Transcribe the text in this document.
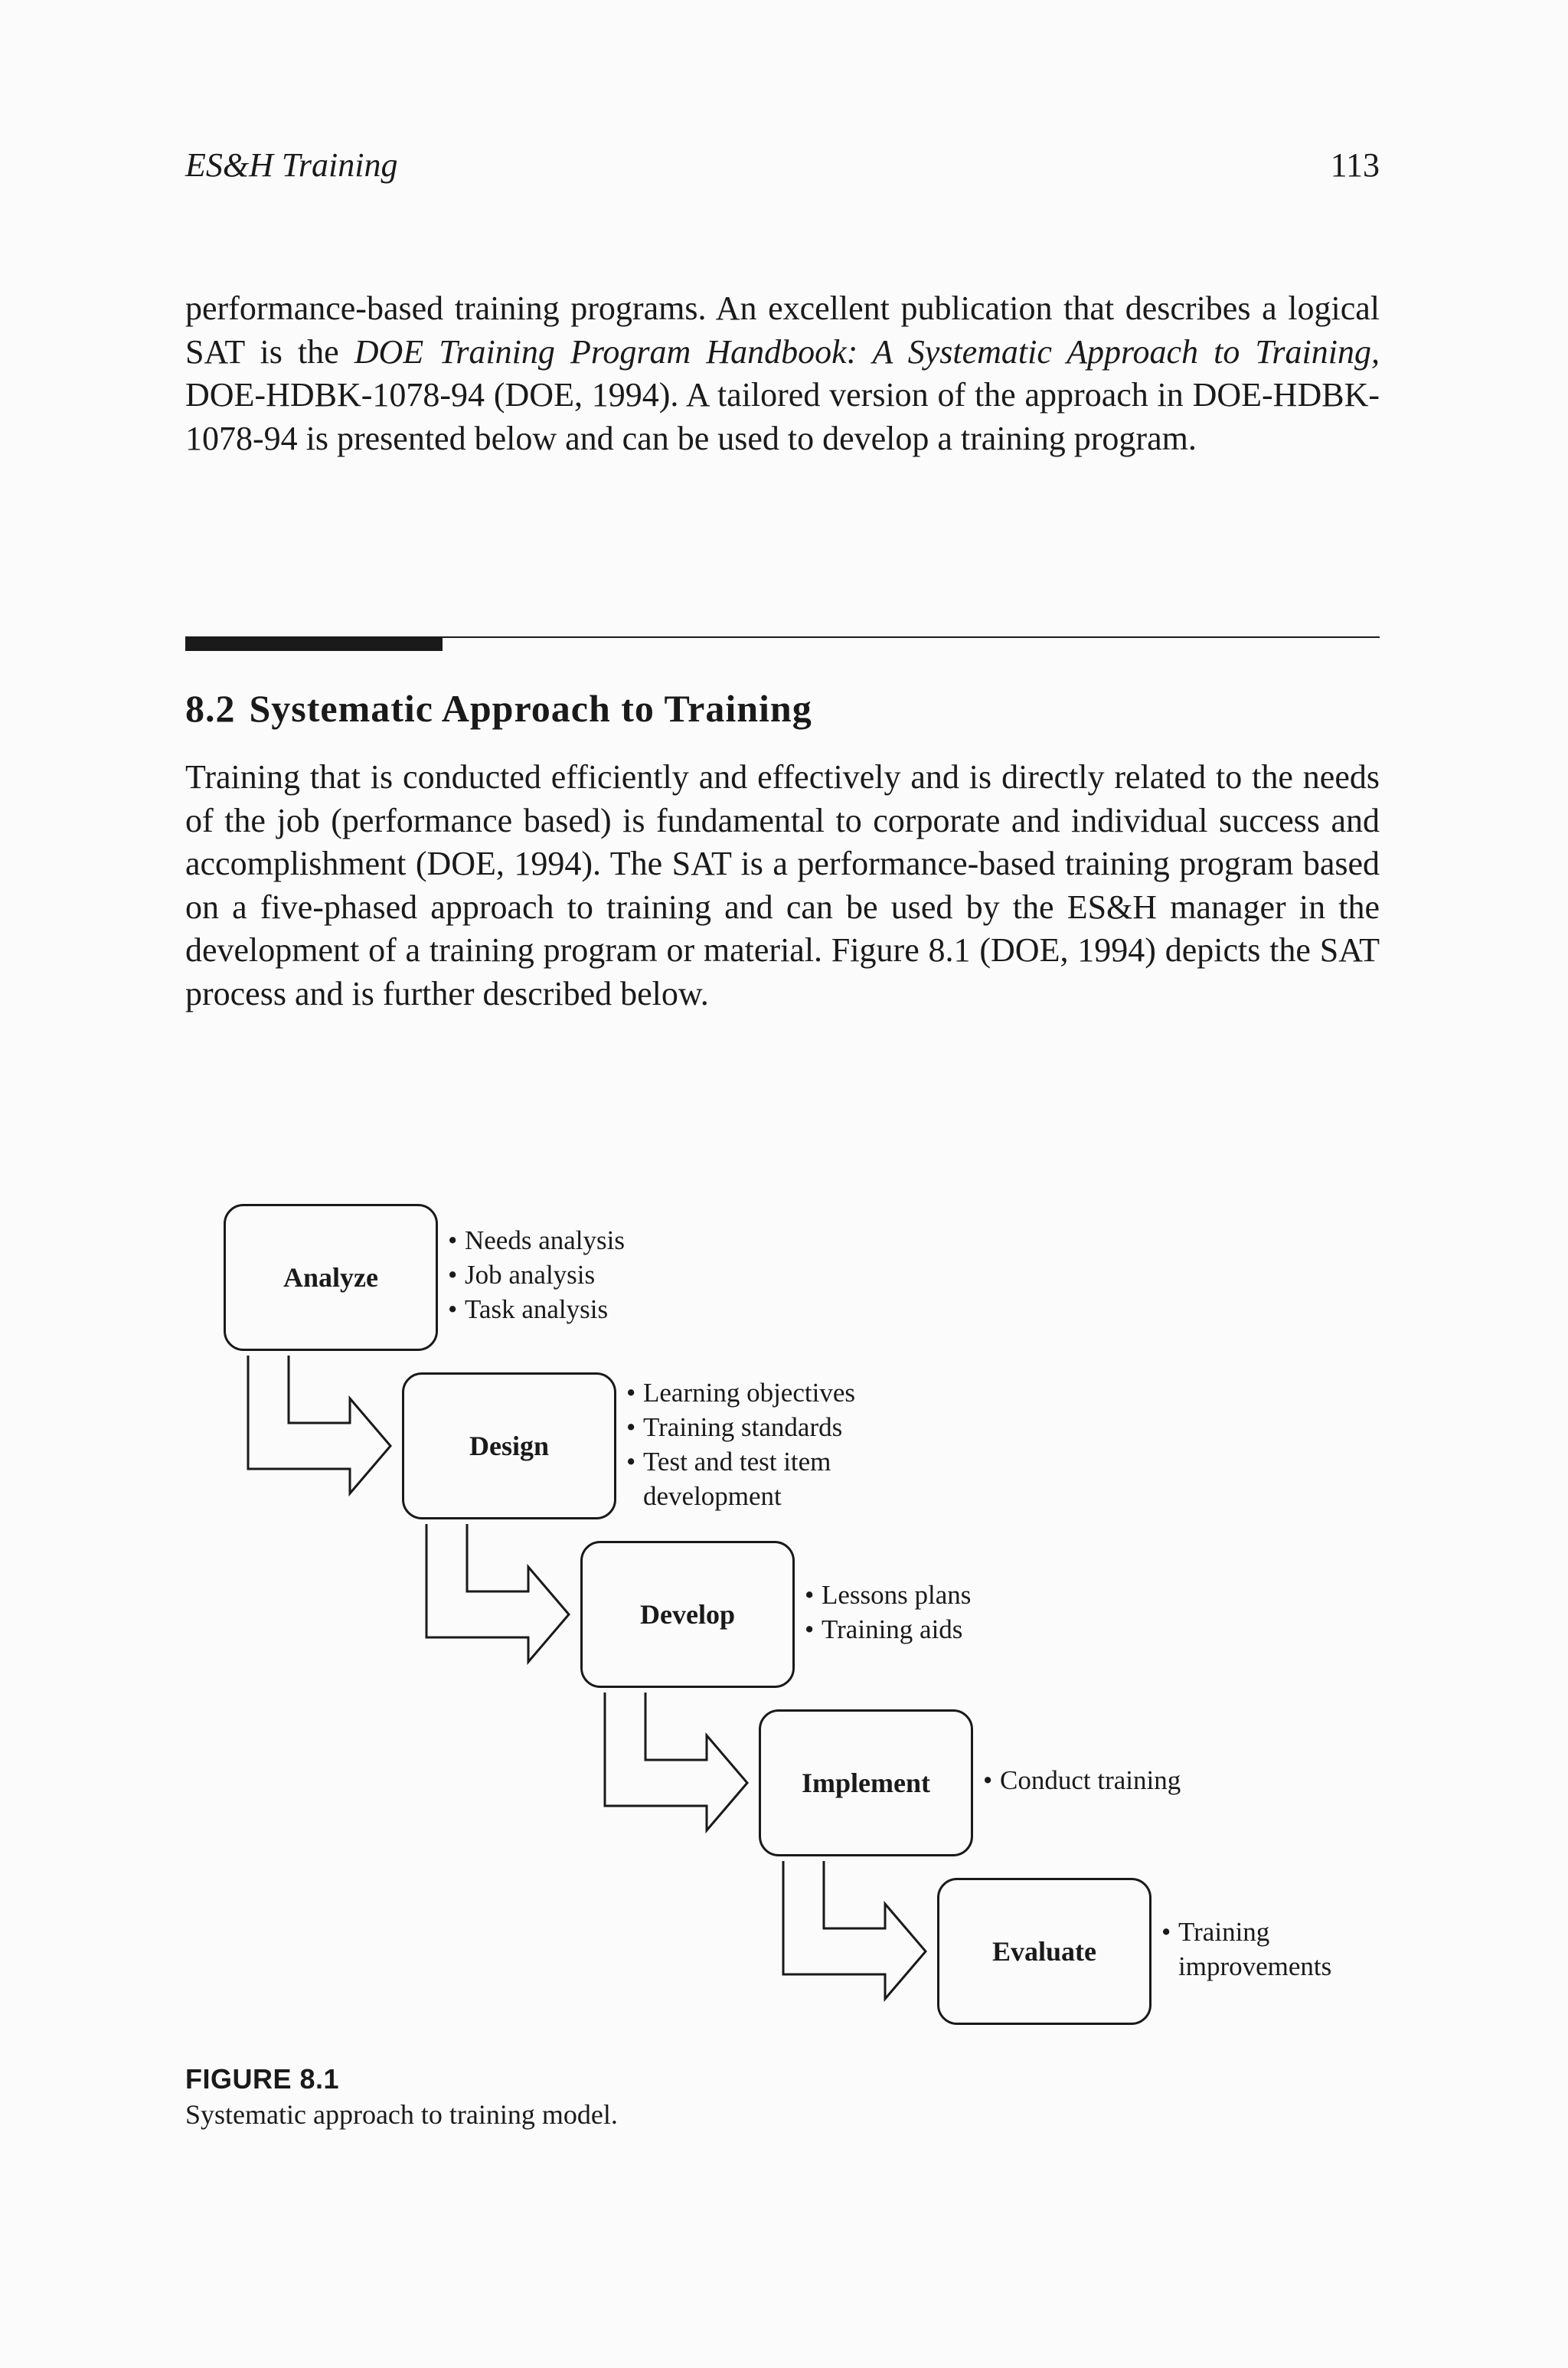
ES&H Training	113

performance-based training programs. An excellent publication that describes a logical SAT is the DOE Training Program Handbook: A Systematic Approach to Training, DOE-HDBK-1078-94 (DOE, 1994). A tailored version of the approach in DOE-HDBK-1078-94 is presented below and can be used to develop a training program.

8.2 Systematic Approach to Training

Training that is conducted efficiently and effectively and is directly related to the needs of the job (performance based) is fundamental to corporate and individual success and accomplishment (DOE, 1994). The SAT is a performance-based training program based on a five-phased approach to training and can be used by the ES&H manager in the development of a training program or material. Figure 8.1 (DOE, 1994) depicts the SAT process and is further described below.

Analyze
• Needs analysis
• Job analysis
• Task analysis
Design
• Learning objectives
• Training standards
• Test and test item development
Develop
• Lessons plans
• Training aids
Implement
•	Conduct training
Evaluate
• Training improvements
FIGURE 8.1
Systematic approach to training model.
